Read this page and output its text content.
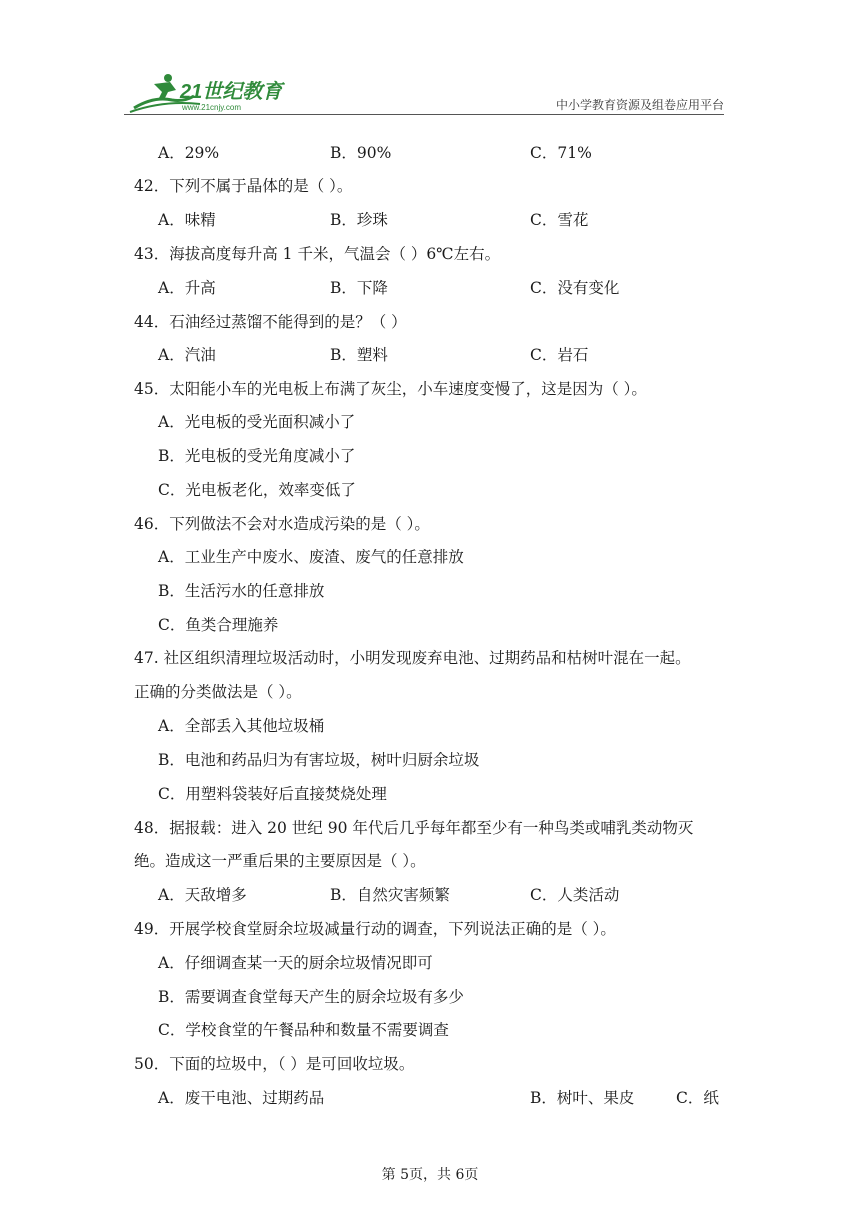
21世纪教育
www.21cnjy.com	中小学教育资源及组卷应用平台
A．29%	B．90%	C．71%
42．下列不属于晶体的是（ ）。
A．味精	B．珍珠	C．雪花
43．海拔高度每升高 1 千米，气温会（ ）6℃左右。
A．升高	B．下降	C．没有变化
44．石油经过蒸馏不能得到的是？（ ）
A．汽油	B．塑料	C．岩石
45．太阳能小车的光电板上布满了灰尘，小车速度变慢了，这是因为（ ）。
A．光电板的受光面积减小了
B．光电板的受光角度减小了
C．光电板老化，效率变低了
46．下列做法不会对水造成污染的是（ ）。
A．工业生产中废水、废渣、废气的任意排放
B．生活污水的任意排放
C．鱼类合理施养
47. 社区组织清理垃圾活动时，小明发现废弃电池、过期药品和枯树叶混在一起。
正确的分类做法是（ ）。
A．全部丢入其他垃圾桶
B．电池和药品归为有害垃圾，树叶归厨余垃圾
C．用塑料袋装好后直接焚烧处理
48．据报载：进入 20 世纪 90 年代后几乎每年都至少有一种鸟类或哺乳类动物灭
绝。造成这一严重后果的主要原因是（ ）。
A．天敌增多	B．自然灾害频繁	C．人类活动
49．开展学校食堂厨余垃圾减量行动的调查，下列说法正确的是（ ）。
A．仔细调查某一天的厨余垃圾情况即可
B．需要调查食堂每天产生的厨余垃圾有多少
C．学校食堂的午餐品种和数量不需要调查
50．下面的垃圾中，（ ）是可回收垃圾。
A．废干电池、过期药品	B．树叶、果皮	C．纸
第 5页，共 6页
